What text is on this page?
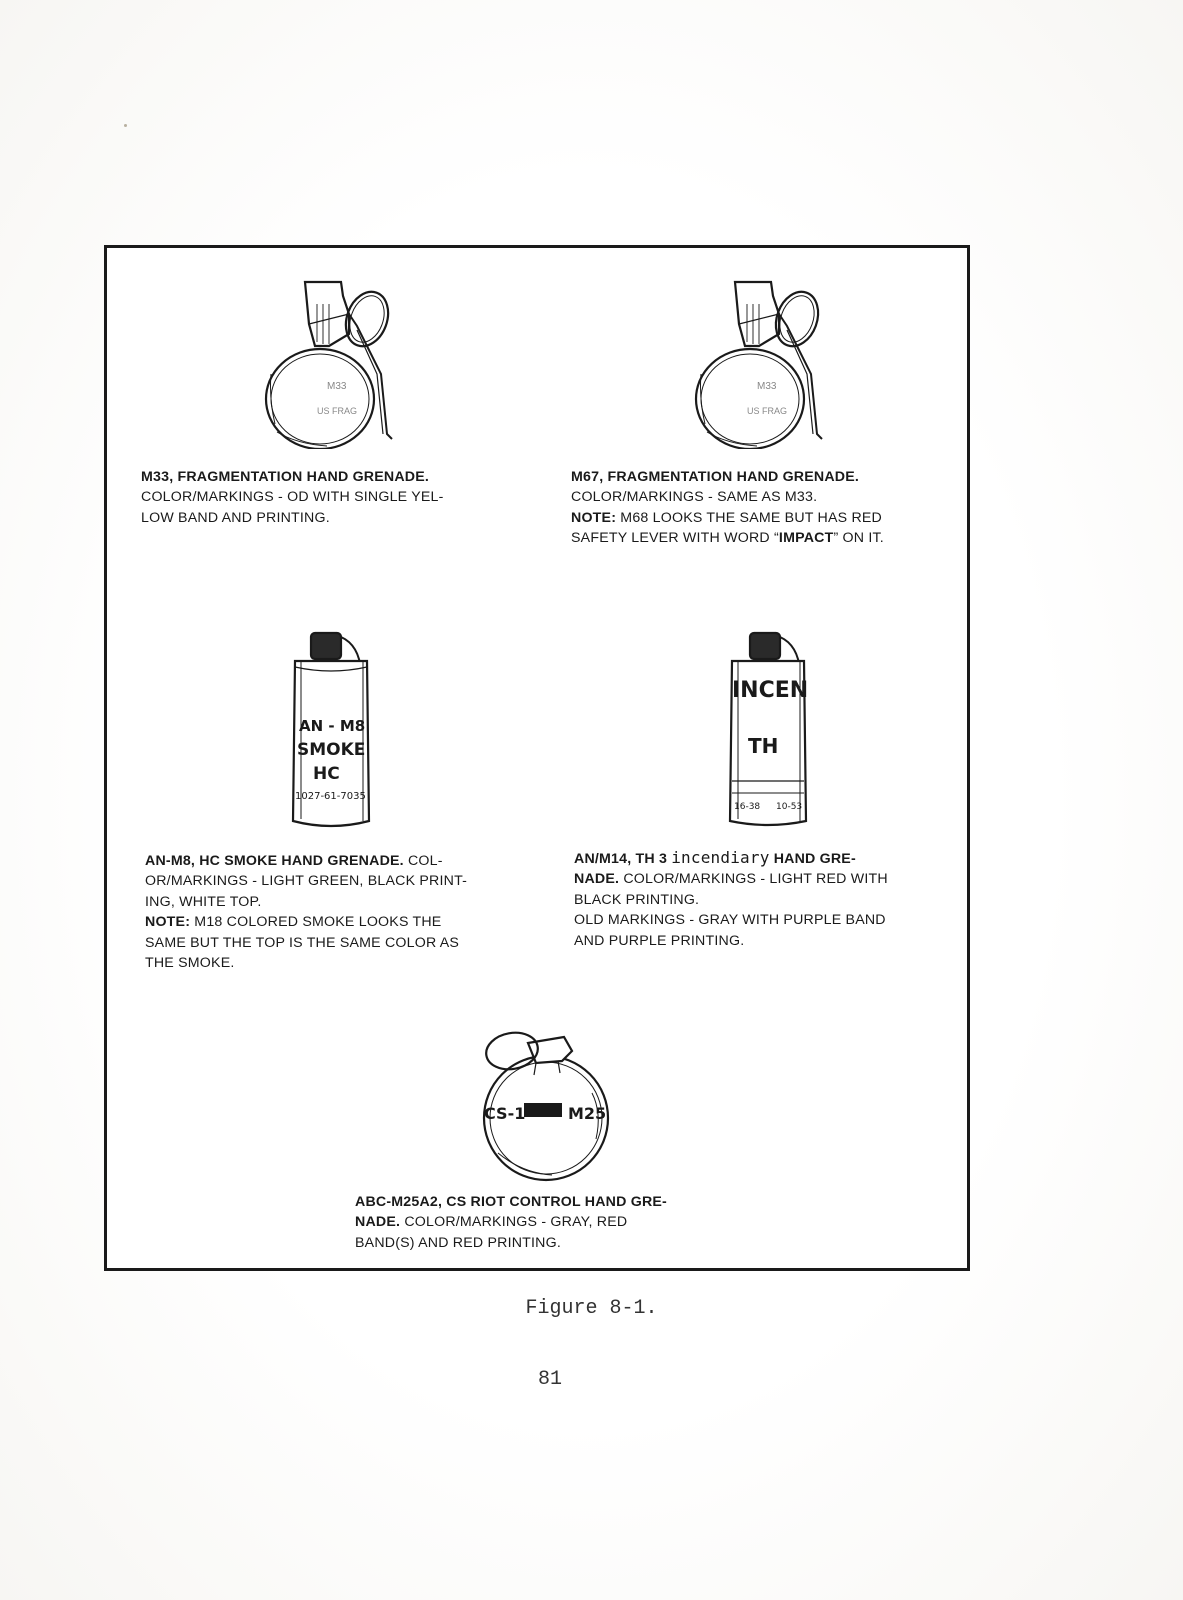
M33
US FRAG
M33
US FRAG
M33, FRAGMENTATION HAND GRENADE.
COLOR/MARKINGS - OD WITH SINGLE YEL-
LOW BAND AND PRINTING.
M67, FRAGMENTATION HAND GRENADE.
COLOR/MARKINGS - SAME AS M33.
NOTE: M68 LOOKS THE SAME BUT HAS RED
SAFETY LEVER WITH WORD “IMPACT” ON IT.
AN - M8
SMOKE
HC
1027-61-7035
INCEN
TH
16-38 10-53
AN-M8, HC SMOKE HAND GRENADE. COL-
OR/MARKINGS - LIGHT GREEN, BLACK PRINT-
ING, WHITE TOP.
NOTE: M18 COLORED SMOKE LOOKS THE
SAME BUT THE TOP IS THE SAME COLOR AS
THE SMOKE.
AN/M14, TH 3 incendiary HAND GRE-
NADE. COLOR/MARKINGS - LIGHT RED WITH
BLACK PRINTING.
OLD MARKINGS - GRAY WITH PURPLE BAND
AND PURPLE PRINTING.
CS-1	M25
ABC-M25A2, CS RIOT CONTROL HAND GRE-
NADE. COLOR/MARKINGS - GRAY, RED
BAND(S) AND RED PRINTING.
Figure 8-1.
81
